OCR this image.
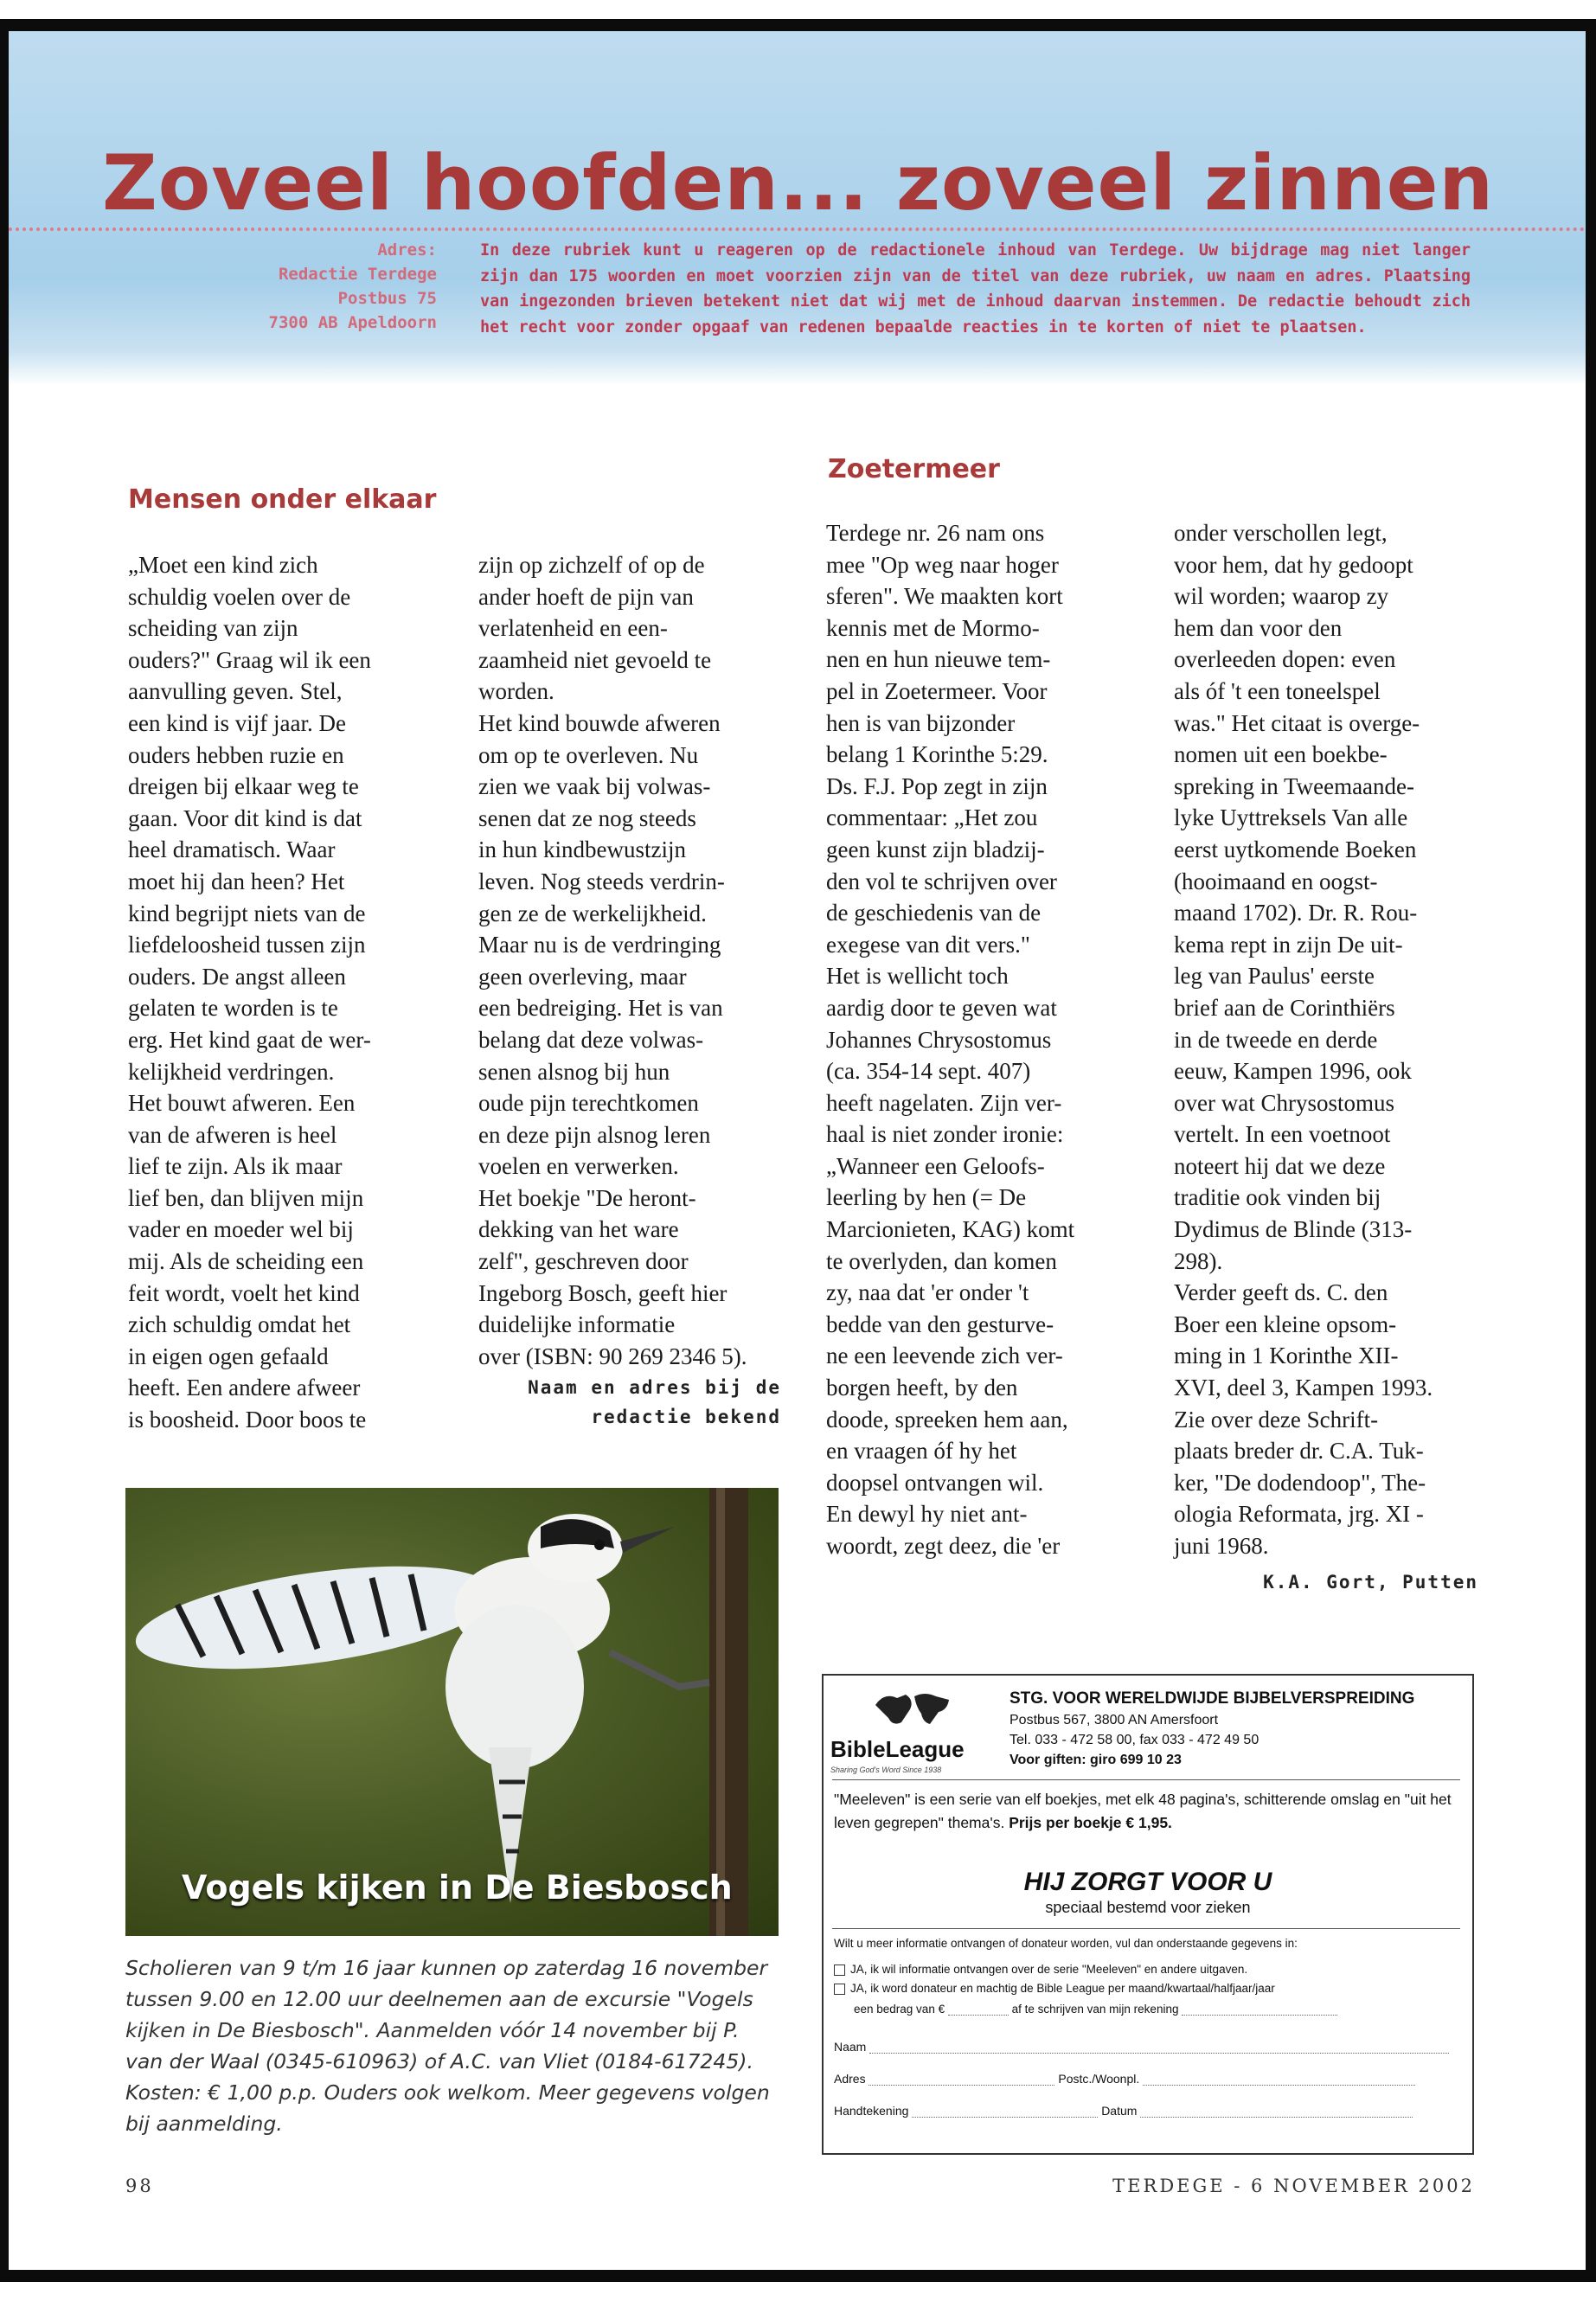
Zoveel hoofden... zoveel zinnen
Adres:
Redactie Terdege
Postbus 75
7300 AB Apeldoorn
In deze rubriek kunt u reageren op de redactionele inhoud van Terdege. Uw bijdrage mag niet langer zijn dan 175 woorden en moet voorzien zijn van de titel van deze rubriek, uw naam en adres. Plaatsing van ingezonden brieven betekent niet dat wij met de inhoud daarvan instemmen. De redactie behoudt zich het recht voor zonder opgaaf van redenen bepaalde reacties in te korten of niet te plaatsen.
Mensen onder elkaar

„Moet een kind zich

schuldig voelen over de

scheiding van zijn

ouders?" Graag wil ik een

aanvulling geven. Stel,

een kind is vijf jaar. De

ouders hebben ruzie en

dreigen bij elkaar weg te

gaan. Voor dit kind is dat

heel dramatisch. Waar

moet hij dan heen? Het

kind begrijpt niets van de

liefdeloosheid tussen zijn

ouders. De angst alleen

gelaten te worden is te

erg. Het kind gaat de wer-

kelijkheid verdringen.

Het bouwt afweren. Een

van de afweren is heel

lief te zijn. Als ik maar

lief ben, dan blijven mijn

vader en moeder wel bij

mij. Als de scheiding een

feit wordt, voelt het kind

zich schuldig omdat het

in eigen ogen gefaald

heeft. Een andere afweer

is boosheid. Door boos te

zijn op zichzelf of op de

ander hoeft de pijn van

verlatenheid en een-

zaamheid niet gevoeld te

worden.

Het kind bouwde afweren

om op te overleven. Nu

zien we vaak bij volwas-

senen dat ze nog steeds

in hun kindbewustzijn

leven. Nog steeds verdrin-

gen ze de werkelijkheid.

Maar nu is de verdringing

geen overleving, maar

een bedreiging. Het is van

belang dat deze volwas-

senen alsnog bij hun

oude pijn terechtkomen

en deze pijn alsnog leren

voelen en verwerken.

Het boekje "De heront-

dekking van het ware

zelf", geschreven door

Ingeborg Bosch, geeft hier

duidelijke informatie

over (ISBN: 90 269 2346 5).

Naam en adres bij de
redactie bekend
Zoetermeer

Terdege nr. 26 nam ons

mee "Op weg naar hoger

sferen". We maakten kort

kennis met de Mormo-

nen en hun nieuwe tem-

pel in Zoetermeer. Voor

hen is van bijzonder

belang 1 Korinthe 5:29.

Ds. F.J. Pop zegt in zijn

commentaar: „Het zou

geen kunst zijn bladzij-

den vol te schrijven over

de geschiedenis van de

exegese van dit vers."

Het is wellicht toch

aardig door te geven wat

Johannes Chrysostomus

(ca. 354-14 sept. 407)

heeft nagelaten. Zijn ver-

haal is niet zonder ironie:

„Wanneer een Geloofs-

leerling by hen (= De

Marcionieten, KAG) komt

te overlyden, dan komen

zy, naa dat 'er onder 't

bedde van den gesturve-

ne een leevende zich ver-

borgen heeft, by den

doode, spreeken hem aan,

en vraagen óf hy het

doopsel ontvangen wil.

En dewyl hy niet ant-

woordt, zegt deez, die 'er

onder verschollen legt,

voor hem, dat hy gedoopt

wil worden; waarop zy

hem dan voor den

overleeden dopen: even

als óf 't een toneelspel

was." Het citaat is overge-

nomen uit een boekbe-

spreking in Tweemaande-

lyke Uyttreksels Van alle

eerst uytkomende Boeken

(hooimaand en oogst-

maand 1702). Dr. R. Rou-

kema rept in zijn De uit-

leg van Paulus' eerste

brief aan de Corinthiërs

in de tweede en derde

eeuw, Kampen 1996, ook

over wat Chrysostomus

vertelt. In een voetnoot

noteert hij dat we deze

traditie ook vinden bij

Dydimus de Blinde (313-

298).

Verder geeft ds. C. den

Boer een kleine opsom-

ming in 1 Korinthe XII-

XVI, deel 3, Kampen 1993.

Zie over deze Schrift-

plaats breder dr. C.A. Tuk-

ker, "De dodendoop", The-

ologia Reformata, jrg. XI -

juni 1968.

K.A. Gort, Putten
Vogels kijken in De Biesbosch
Scholieren van 9 t/m 16 jaar kunnen op zaterdag 16 november tussen 9.00 en 12.00 uur deelnemen aan de excursie "Vogels kijken in De Biesbosch". Aanmelden vóór 14 november bij P. van der Waal (0345-610963) of A.C. van Vliet (0184-617245). Kosten: € 1,00 p.p. Ouders ook welkom. Meer gegevens volgen bij aanmelding.
BibleLeague
Sharing God's Word Since 1938
STG. VOOR WERELDWIJDE BIJBELVERSPREIDING
Postbus 567, 3800 AN Amersfoort
Tel. 033 - 472 58 00, fax 033 - 472 49 50
Voor giften: giro 699 10 23
"Meeleven" is een serie van elf boekjes, met elk 48 pagina's, schitterende omslag en "uit het leven gegrepen" thema's. Prijs per boekje € 1,95.
HIJ ZORGT VOOR U
speciaal bestemd voor zieken
Wilt u meer informatie ontvangen of donateur worden, vul dan onderstaande gegevens in:
JA, ik wil informatie ontvangen over de serie "Meeleven" en andere uitgaven.
JA, ik word donateur en machtig de Bible League per maand/kwartaal/halfjaar/jaar
een bedrag van €	af te schrijven van mijn rekening
Naam
Adres	Postc./Woonpl.
Handtekening	Datum
98	TERDEGE - 6 NOVEMBER 2002
